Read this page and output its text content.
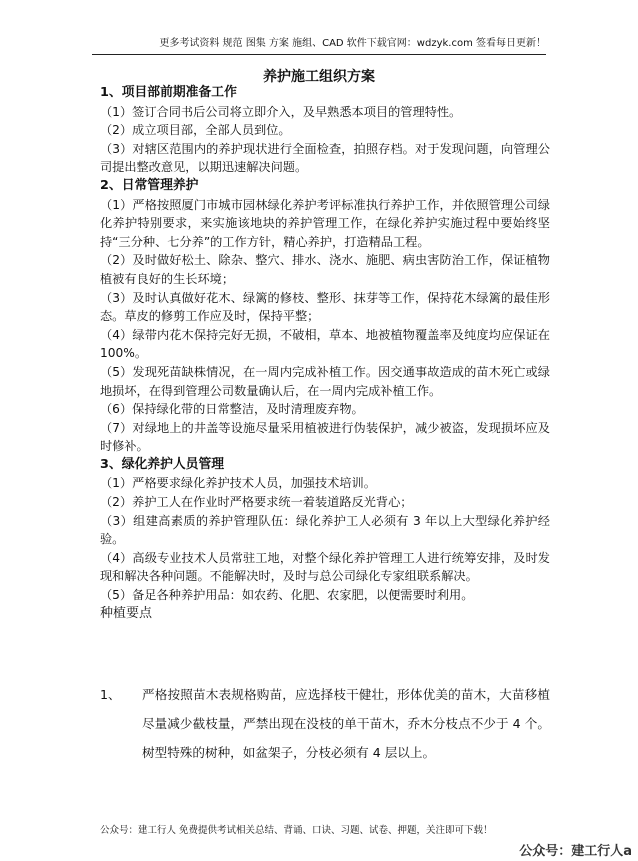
更多考试资料 规范 图集 方案 施组、CAD 软件下载官网：wdzyk.com 签看每日更新！
养护施工组织方案
1、项目部前期准备工作

（1）签订合同书后公司将立即介入，及早熟悉本项目的管理特性。

（2）成立项目部，全部人员到位。

（3）对辖区范围内的养护现状进行全面检查，拍照存档。对于发现问题，向管理公司提出整改意见，以期迅速解决问题。

2、日常管理养护

（1）严格按照厦门市城市园林绿化养护考评标准执行养护工作，并依照管理公司绿化养护特别要求，来实施该地块的养护管理工作，在绿化养护实施过程中要始终坚持“三分种、七分养”的工作方针，精心养护，打造精品工程。

（2）及时做好松土、除杂、整穴、排水、浇水、施肥、病虫害防治工作，保证植物植被有良好的生长环境；

（3）及时认真做好花木、绿篱的修枝、整形、抹芽等工作，保持花木绿篱的最佳形态。草皮的修剪工作应及时，保持平整；

（4）绿带内花木保持完好无损，不破相，草本、地被植物覆盖率及纯度均应保证在 100%。

（5）发现死苗缺株情况，在一周内完成补植工作。因交通事故造成的苗木死亡或绿地损坏，在得到管理公司数量确认后，在一周内完成补植工作。

（6）保持绿化带的日常整洁，及时清理废弃物。

（7）对绿地上的井盖等设施尽量采用植被进行伪装保护，减少被盗，发现损坏应及时修补。

3、绿化养护人员管理

（1）严格要求绿化养护技术人员，加强技术培训。

（2）养护工人在作业时严格要求统一着装道路反光背心；

（3）组建高素质的养护管理队伍：绿化养护工人必须有 3 年以上大型绿化养护经验。

（4）高级专业技术人员常驻工地，对整个绿化养护管理工人进行统筹安排，及时发现和解决各种问题。不能解决时，及时与总公司绿化专家组联系解决。

（5）备足各种养护用品：如农药、化肥、农家肥，以便需要时利用。

种植要点
1、 严格按照苗木表规格购苗，应选择枝干健壮，形体优美的苗木，大苗移植尽量减少截枝量，严禁出现在没枝的单干苗木，乔木分枝点不少于 4 个。树型特殊的树种，如盆架子，分枝必须有 4 层以上。
公众号：建工行人 免费提供考试相关总结、背诵、口诀、习题、试卷、押题，关注即可下载！
公众号：建工行人a
